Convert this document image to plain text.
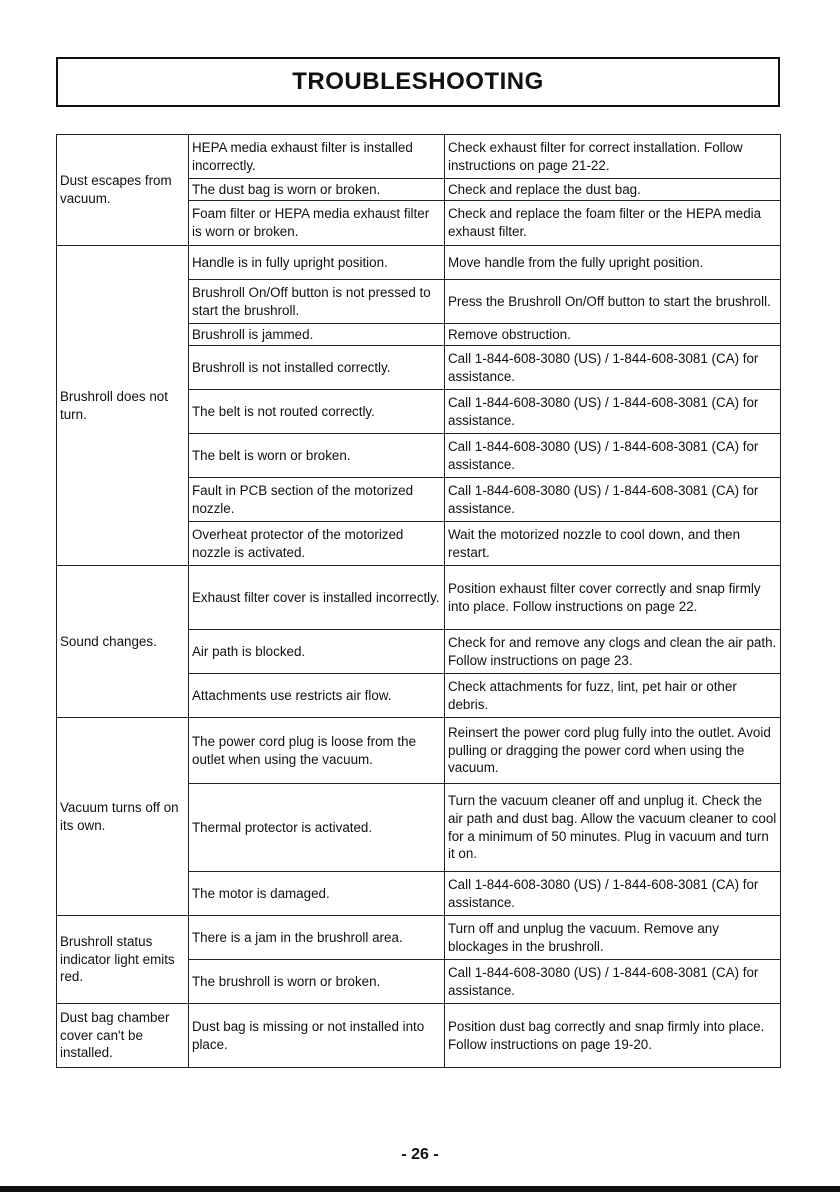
TROUBLESHOOTING
Dust escapes from vacuum.	HEPA media exhaust filter is installed incorrectly.	Check exhaust filter for correct installation. Follow instructions on page 21-22.
	The dust bag is worn or broken.	Check and replace the dust bag.
	Foam filter or HEPA media exhaust filter is worn or broken.	Check and replace the foam filter or the HEPA media exhaust filter.
Brushroll does not turn.	Handle is in fully upright position.	Move handle from the fully upright position.
	Brushroll On/Off button is not pressed to start the brushroll.	Press the Brushroll On/Off button to start the brushroll.
	Brushroll is jammed.	Remove obstruction.
	Brushroll is not installed correctly.	Call 1-844-608-3080 (US) / 1-844-608-3081 (CA) for assistance.
	The belt is not routed correctly.	Call 1-844-608-3080 (US) / 1-844-608-3081 (CA) for assistance.
	The belt is worn or broken.	Call 1-844-608-3080 (US) / 1-844-608-3081 (CA) for assistance.
	Fault in PCB section of the motorized nozzle.	Call 1-844-608-3080 (US) / 1-844-608-3081 (CA) for assistance.
	Overheat protector of the motorized nozzle is activated.	Wait the motorized nozzle to cool down, and then restart.
Sound changes.	Exhaust filter cover is installed incorrectly.	Position exhaust filter cover correctly and snap firmly into place. Follow instructions on page 22.
	Air path is blocked.	Check for and remove any clogs and clean the air path. Follow instructions on page 23.
	Attachments use restricts air flow.	Check attachments for fuzz, lint, pet hair or other debris.
Vacuum turns off on its own.	The power cord plug is loose from the outlet when using the vacuum.	Reinsert the power cord plug fully into the outlet. Avoid pulling or dragging the power cord when using the vacuum.
	Thermal protector is activated.	Turn the vacuum cleaner off and unplug it. Check the air path and dust bag. Allow the vacuum cleaner to cool for a minimum of 50 minutes. Plug in vacuum and turn it on.
	The motor is damaged.	Call 1-844-608-3080 (US) / 1-844-608-3081 (CA) for assistance.
Brushroll status indicator light emits red.	There is a jam in the brushroll area.	Turn off and unplug the vacuum. Remove any blockages in the brushroll.
	The brushroll is worn or broken.	Call 1-844-608-3080 (US) / 1-844-608-3081 (CA) for assistance.
Dust bag chamber cover can't be installed.	Dust bag is missing or not installed into place.	Position dust bag correctly and snap firmly into place. Follow instructions on page 19-20.
- 26 -
